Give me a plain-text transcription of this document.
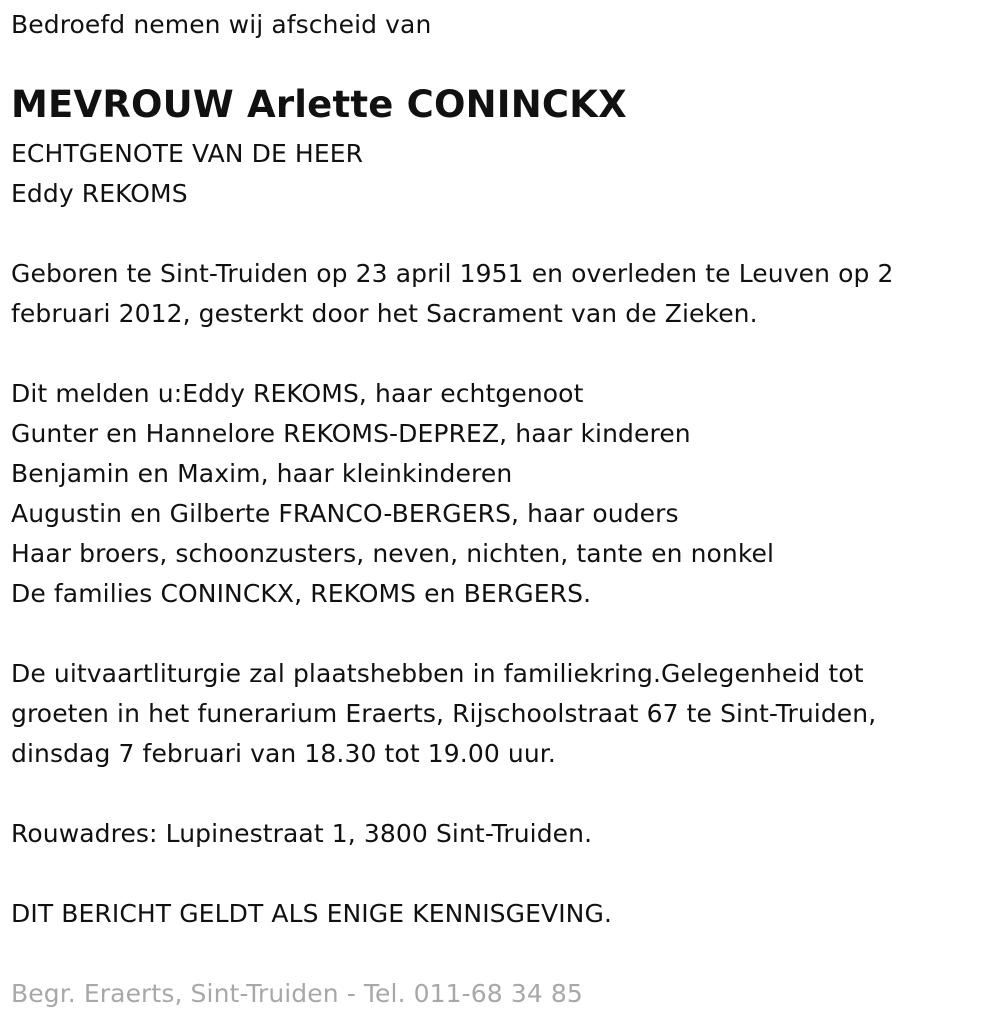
Bedroefd nemen wij afscheid van
MEVROUW Arlette CONINCKX
ECHTGENOTE VAN DE HEER
Eddy REKOMS
Geboren te Sint-Truiden op 23 april 1951 en overleden te Leuven op 2
februari 2012, gesterkt door het Sacrament van de Zieken.
Dit melden u:Eddy REKOMS, haar echtgenoot
Gunter en Hannelore REKOMS-DEPREZ, haar kinderen
Benjamin en Maxim, haar kleinkinderen
Augustin en Gilberte FRANCO-BERGERS, haar ouders
Haar broers, schoonzusters, neven, nichten, tante en nonkel
De families CONINCKX, REKOMS en BERGERS.
De uitvaartliturgie zal plaatshebben in familiekring.Gelegenheid tot
groeten in het funerarium Eraerts, Rijschoolstraat 67 te Sint-Truiden,
dinsdag 7 februari van 18.30 tot 19.00 uur.
Rouwadres: Lupinestraat 1, 3800 Sint-Truiden.
DIT BERICHT GELDT ALS ENIGE KENNISGEVING.
Begr. Eraerts, Sint-Truiden - Tel. 011-68 34 85
